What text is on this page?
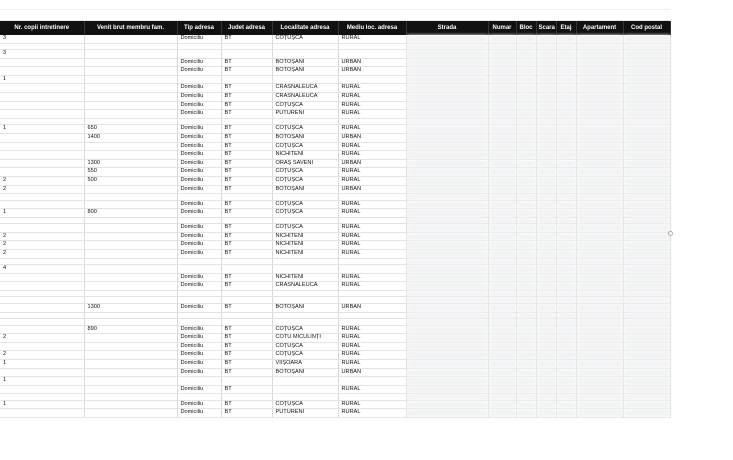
Nr. copii intretinere	Venit brut membru fam.	Tip adresa	Judet adresa	Localitate adresa	Mediu loc. adresa	Strada	Numar	Bloc	Scara	Etaj	Apartament	Cod postal
3		Domiciliu	BT	COȚUȘCA	RURAL							

3												
		Domiciliu	BT	BOTOȘANI	URBAN							
		Domiciliu	BT	BOTOȘANI	URBAN							
1												
		Domiciliu	BT	CRASNALEUCA	RURAL							
		Domiciliu	BT	CRASNALEUCA	RURAL							
		Domiciliu	BT	COȚUȘCA	RURAL							
		Domiciliu	BT	PUTURENI	RURAL							

1	650	Domiciliu	BT	COȚUȘCA	RURAL							
	1400	Domiciliu	BT	BOTOȘANI	URBAN							
		Domiciliu	BT	COȚUȘCA	RURAL							
		Domiciliu	BT	NICHITENI	RURAL							
	1300	Domiciliu	BT	ORAȘ SAVENI	URBAN							
	550	Domiciliu	BT	COȚUȘCA	RURAL							
2	500	Domiciliu	BT	COȚUȘCA	RURAL							
2		Domiciliu	BT	BOTOȘANI	URBAN							

		Domiciliu	BT	COȚUȘCA	RURAL							
1	800	Domiciliu	BT	COȚUȘCA	RURAL							

		Domiciliu	BT	COȚUȘCA	RURAL							
2		Domiciliu	BT	NICHITENI	RURAL							
2		Domiciliu	BT	NICHITENI	RURAL							
2		Domiciliu	BT	NICHITENI	RURAL							

4												
		Domiciliu	BT	NICHITENI	RURAL							
		Domiciliu	BT	CRASNALEUCA	RURAL							

	1300	Domiciliu	BT	BOTOȘANI	URBAN							

	890	Domiciliu	BT	COȚUȘCA	RURAL							
2		Domiciliu	BT	COTU MICULINȚI	RURAL							
		Domiciliu	BT	COȚUȘCA	RURAL							
2		Domiciliu	BT	COȚUȘCA	RURAL							
1		Domiciliu	BT	VIIȘOARA	RURAL							
		Domiciliu	BT	BOTOȘANI	URBAN							
1												
		Domiciliu	BT		RURAL							

1		Domiciliu	BT	COȚUȘCA	RURAL							
		Domiciliu	BT	PUTURENI	RURAL							
